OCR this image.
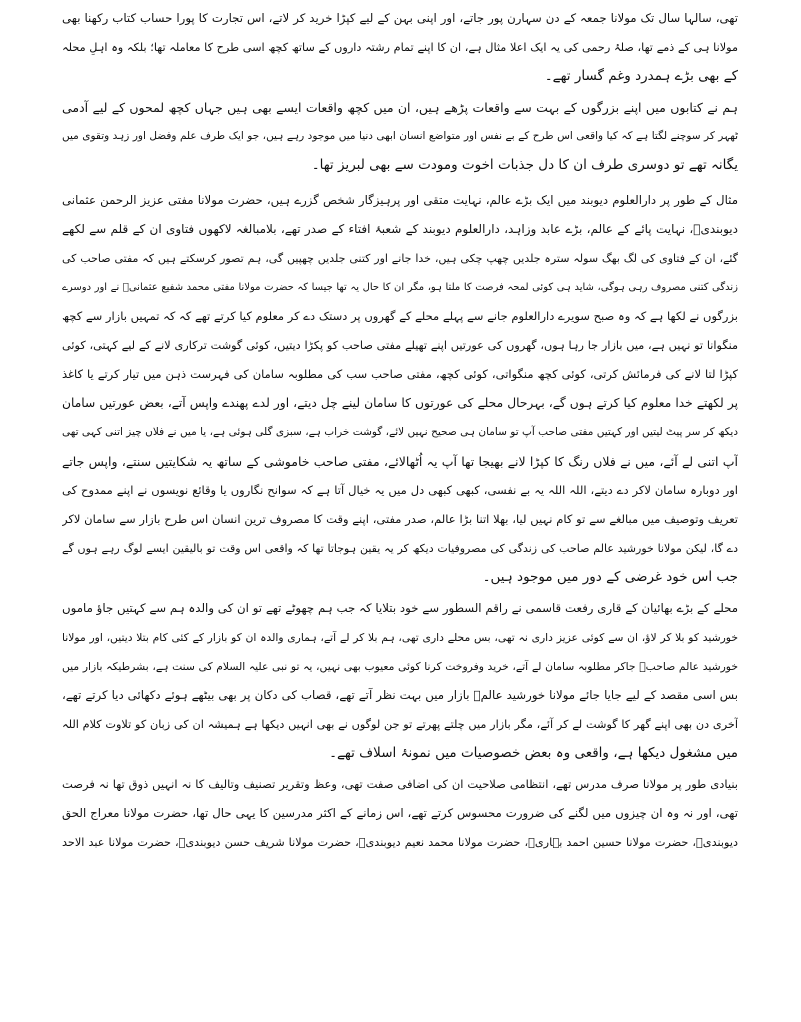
تھی، سالہا سال تک مولانا جمعہ کے دن سہارن پور جاتے، اور اپنی بہن کے لیے کپڑا خرید کر لاتے، اس تجارت کا پورا حساب کتاب رکھنا بھی
مولانا ہی کے ذمے تھا، صلۂ رحمی کی یہ ایک اعلا مثال ہے، ان کا اپنے تمام رشتہ داروں کے ساتھ کچھ اسی طرح کا معاملہ تھا؛ بلکہ وہ اہلِ محلہ
کے بھی بڑے ہمدرد وغم گسار تھے۔
ہم نے کتابوں میں اپنے بزرگوں کے بہت سے واقعات پڑھے ہیں، ان میں کچھ واقعات ایسے بھی ہیں جہاں کچھ لمحوں کے لیے آدمی
ٹھہر کر سوچنے لگتا ہے کہ کیا واقعی اس طرح کے بے نفس اور متواضع انسان ابھی دنیا میں موجود رہے ہیں، جو ایک طرف علم وفضل اور زہد وتقوی میں
یگانہ تھے تو دوسری طرف ان کا دل جذبات اخوت ومودت سے بھی لبریز تھا۔
مثال کے طور پر دارالعلوم دیوبند میں ایک بڑے عالم، نہایت متقی اور پرہیزگار شخص گزرے ہیں، حضرت مولانا مفتی عزیز الرحمن عثمانی
دیوبندیؒ، نہایت پائے کے عالم، بڑے عابد وزاہد، دارالعلوم دیوبند کے شعبۂ افتاء کے صدر تھے، بلامبالغہ لاکھوں فتاوی ان کے قلم سے لکھے
گئے، ان کے فتاوی کی لگ بھگ سولہ سترہ جلدیں چھپ چکی ہیں، خدا جانے اور کتنی جلدیں چھپیں گی، ہم تصور کرسکتے ہیں کہ مفتی صاحب کی
زندگی کتنی مصروف رہی ہوگی، شاید ہی کوئی لمحہ فرصت کا ملتا ہو، مگر ان کا حال یہ تھا جیسا کہ حضرت مولانا مفتی محمد شفیع عثمانیؒ نے اور دوسرے
بزرگوں نے لکھا ہے کہ وہ صبح سویرے دارالعلوم جانے سے پہلے محلے کے گھروں پر دستک دے کر معلوم کیا کرتے تھے کہ کہ تمہیں بازار سے کچھ
منگوانا تو نہیں ہے، میں بازار جا رہا ہوں، گھروں کی عورتیں اپنے تھیلے مفتی صاحب کو پکڑا دیتیں، کوئی گوشت ترکاری لانے کے لیے کہتی، کوئی
کپڑا لتا لانے کی فرمائش کرتی، کوئی کچھ منگواتی، کوئی کچھ، مفتی صاحب سب کی مطلوبہ سامان کی فہرست ذہن میں تیار کرتے یا کاغذ
پر لکھتے خدا معلوم کیا کرتے ہوں گے، بہرحال محلے کی عورتوں کا سامان لینے چل دیتے، اور لدے پھندے واپس آتے، بعض عورتیں سامان
دیکھ کر سر پیٹ لیتیں اور کہتیں مفتی صاحب آپ تو سامان ہی صحیح نہیں لائے، گوشت خراب ہے، سبزی گلی ہوئی ہے، یا میں نے فلاں چیز اتنی کہی تھی
آپ اتنی لے آئے، میں نے فلاں رنگ کا کپڑا لانے بھیجا تھا آپ یہ اُٹھالائے، مفتی صاحب خاموشی کے ساتھ یہ شکایتیں سنتے، واپس جاتے
اور دوبارہ سامان لاکر دے دیتے، اللہ اللہ یہ بے نفسی، کبھی کبھی دل میں یہ خیال آتا ہے کہ سوانح نگاروں یا وقائع نویسوں نے اپنے ممدوح کی
تعریف وتوصیف میں مبالغے سے تو کام نہیں لیا، بھلا اتنا بڑا عالم، صدر مفتی، اپنے وقت کا مصروف ترین انسان اس طرح بازار سے سامان لاکر
دے گا، لیکن مولانا خورشید عالم صاحب کی زندگی کی مصروفیات دیکھ کر یہ یقین ہوجاتا تھا کہ واقعی اس وقت تو بالیقین ایسے لوگ رہے ہوں گے
جب اس خود غرضی کے دور میں موجود ہیں۔
محلے کے بڑے بھائیان کے قاری رفعت قاسمی نے راقم السطور سے خود بتلایا کہ جب ہم چھوٹے تھے تو ان کی والدہ ہم سے کہتیں جاؤ ماموں
خورشید کو بلا کر لاؤ، ان سے کوئی عزیز داری نہ تھی، بس محلے داری تھی، ہم بلا کر لے آتے، ہماری والدہ ان کو بازار کے کئی کام بتلا دیتیں، اور مولانا
خورشید عالم صاحبؒ جاکر مطلوبہ سامان لے آتے، خرید وفروخت کرنا کوئی معیوب بھی نہیں، یہ تو نبی علیہ السلام کی سنت ہے، بشرطیکہ بازار میں
بس اسی مقصد کے لیے جایا جائے مولانا خورشید عالمؒ بازار میں بہت نظر آتے تھے، قصاب کی دکان پر بھی بیٹھے ہوئے دکھائی دیا کرتے تھے،
آخری دن بھی اپنے گھر کا گوشت لے کر آئے، مگر بازار میں چلتے پھرتے تو جن لوگوں نے بھی انہیں دیکھا ہے ہمیشہ ان کی زبان کو تلاوت کلام اللہ
میں مشغول دیکھا ہے، واقعی وہ بعض خصوصیات میں نمونۂ اسلاف تھے۔
بنیادی طور پر مولانا صرف مدرس تھے، انتظامی صلاحیت ان کی اضافی صفت تھی، وعظ وتقریر تصنیف وتالیف کا نہ انہیں ذوق تھا نہ فرصت
تھی، اور نہ وہ ان چیزوں میں لگنے کی ضرورت محسوس کرتے تھے، اس زمانے کے اکثر مدرسین کا یہی حال تھا، حضرت مولانا معراج الحق
دیوبندیؒ، حضرت مولانا حسین احمد بہاریؒ، حضرت مولانا محمد نعیم دیوبندیؒ، حضرت مولانا شریف حسن دیوبندیؒ، حضرت مولانا عبد الاحد
